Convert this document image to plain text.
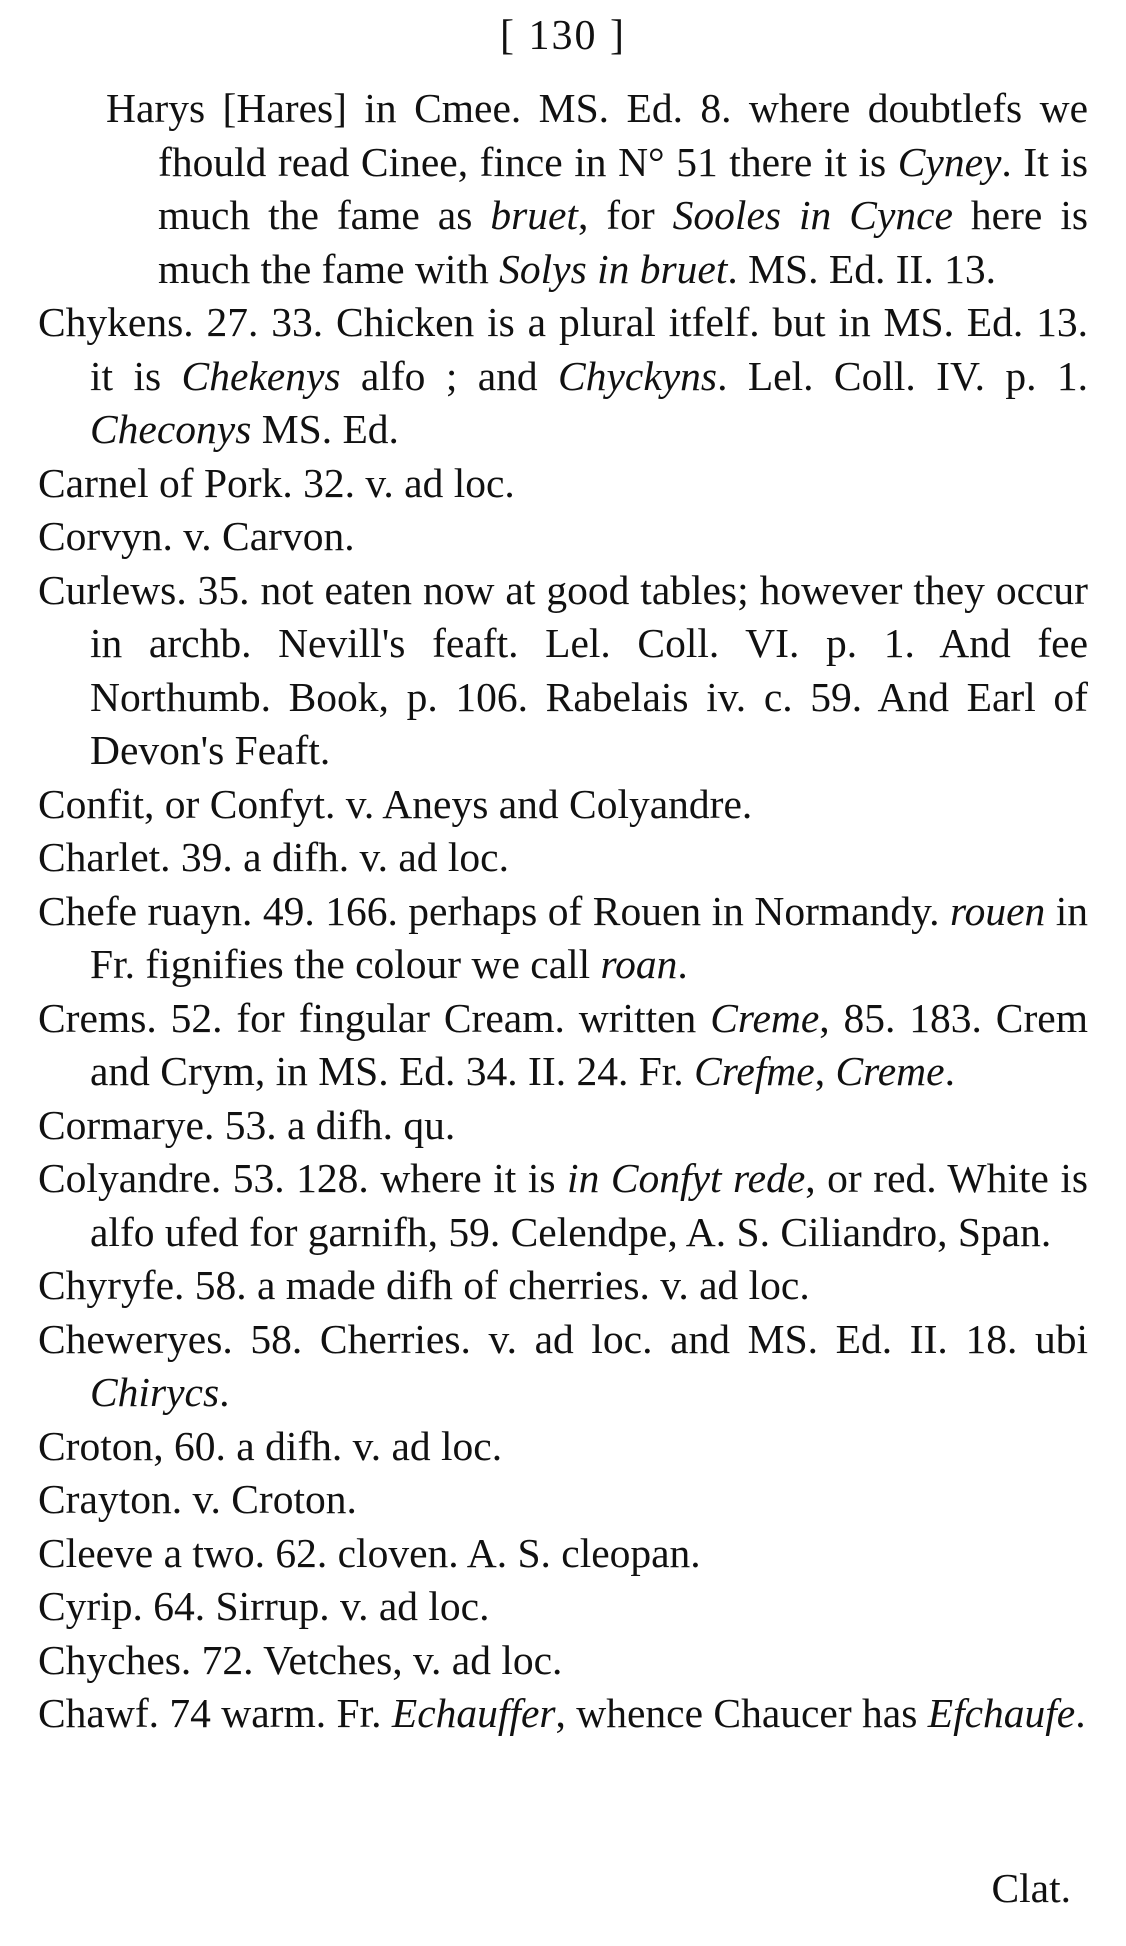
[ 130 ]
Harys [Hares] in Cmee. MS. Ed. 8. where doubtlefs we fhould read Cinee, fince in N° 51 there it is Cyney. It is much the fame as bruet, for Sooles in Cynce here is much the fame with Solys in bruet. MS. Ed. II. 13.
Chykens. 27. 33. Chicken is a plural itfelf. but in MS. Ed. 13. it is Chekenys alfo ; and Chyckyns. Lel. Coll. IV. p. 1. Checonys MS. Ed.
Carnel of Pork. 32. v. ad loc.
Corvyn. v. Carvon.
Curlews. 35. not eaten now at good tables; however they occur in archb. Nevill's feaft. Lel. Coll. VI. p. 1. And fee Northumb. Book, p. 106. Rabelais iv. c. 59. And Earl of Devon's Feaft.
Confit, or Confyt. v. Aneys and Colyandre.
Charlet. 39. a difh. v. ad loc.
Chefe ruayn. 49. 166. perhaps of Rouen in Normandy. rouen in Fr. fignifies the colour we call roan.
Crems. 52. for fingular Cream. written Creme, 85. 183. Crem and Crym, in MS. Ed. 34. II. 24. Fr. Crefme, Creme.
Cormarye. 53. a difh. qu.
Colyandre. 53. 128. where it is in Confyt rede, or red. White is alfo ufed for garnifh, 59. Celendpe, A. S. Ciliandro, Span.
Chyryfe. 58. a made difh of cherries. v. ad loc.
Cheweryes. 58. Cherries. v. ad loc. and MS. Ed. II. 18. ubi Chirycs.
Croton, 60. a difh. v. ad loc.
Crayton. v. Croton.
Cleeve a two. 62. cloven. A. S. cleopan.
Cyrip. 64. Sirrup. v. ad loc.
Chyches. 72. Vetches, v. ad loc.
Chawf. 74 warm. Fr. Echauffer, whence Chaucer has Efchaufe.
Clat.
